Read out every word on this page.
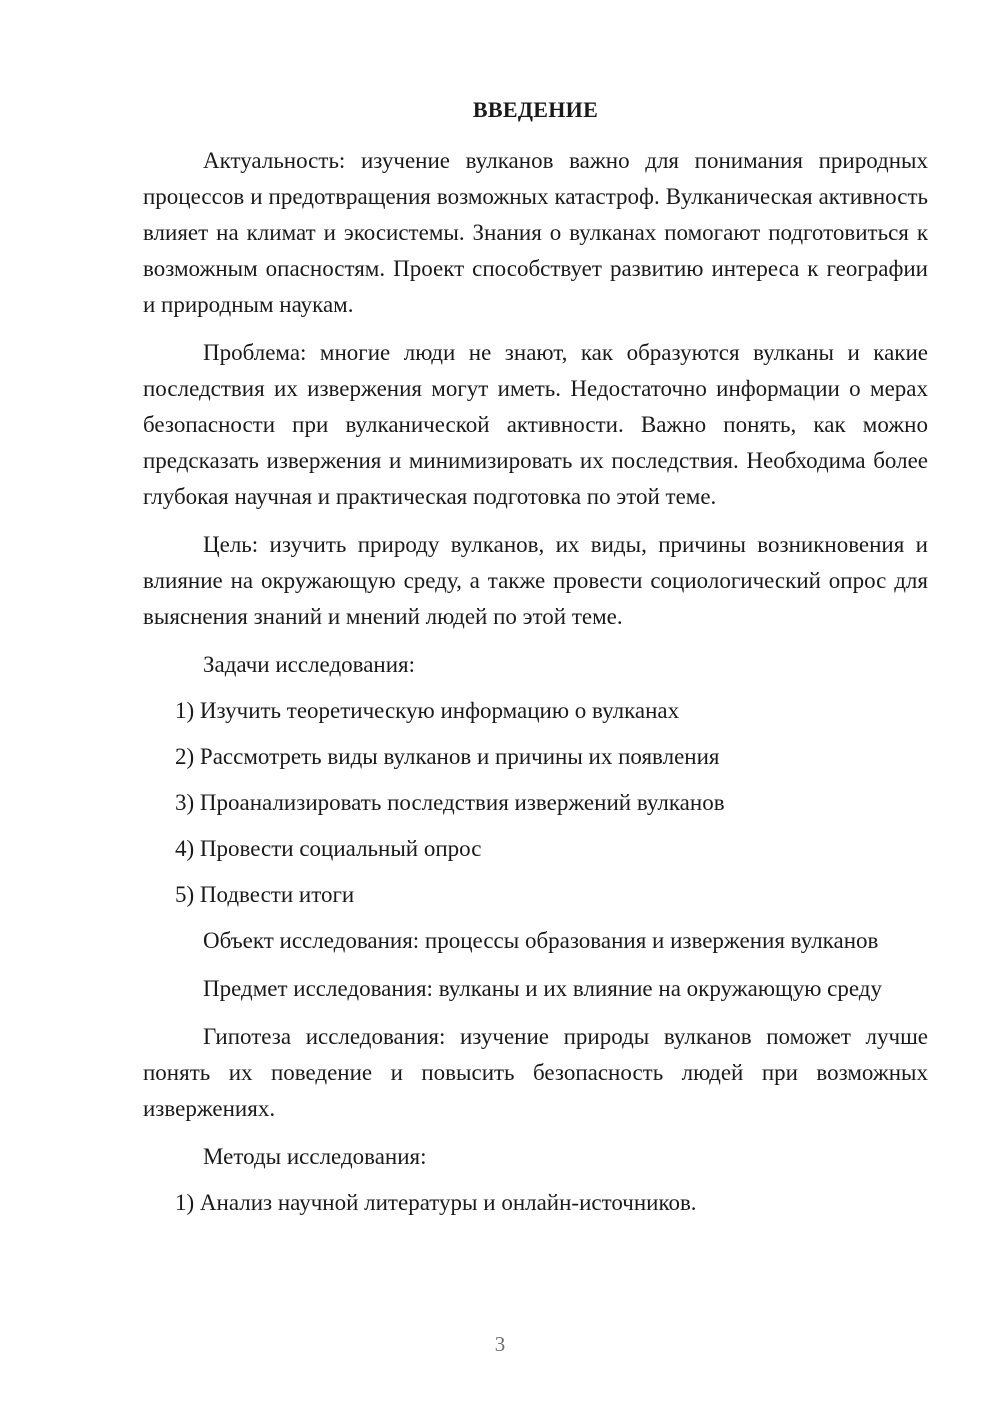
ВВЕДЕНИЕ

Актуальность: изучение вулканов важно для понимания природных процессов и предотвращения возможных катастроф. Вулканическая активность влияет на климат и экосистемы. Знания о вулканах помогают подготовиться к возможным опасностям. Проект способствует развитию интереса к географии и природным наукам.

Проблема: многие люди не знают, как образуются вулканы и какие последствия их извержения могут иметь. Недостаточно информации о мерах безопасности при вулканической активности. Важно понять, как можно предсказать извержения и минимизировать их последствия. Необходима более глубокая научная и практическая подготовка по этой теме.

Цель: изучить природу вулканов, их виды, причины возникновения и влияние на окружающую среду, а также провести социологический опрос для выяснения знаний и мнений людей по этой теме.

Задачи исследования:

1) Изучить теоретическую информацию о вулканах
2) Рассмотреть виды вулканов и причины их появления
3) Проанализировать последствия извержений вулканов
4) Провести социальный опрос
5) Подвести итоги

Объект исследования: процессы образования и извержения вулканов

Предмет исследования: вулканы и их влияние на окружающую среду

Гипотеза исследования: изучение природы вулканов поможет лучше понять их поведение и повысить безопасность людей при возможных извержениях.

Методы исследования:

1) Анализ научной литературы и онлайн-источников.
3
